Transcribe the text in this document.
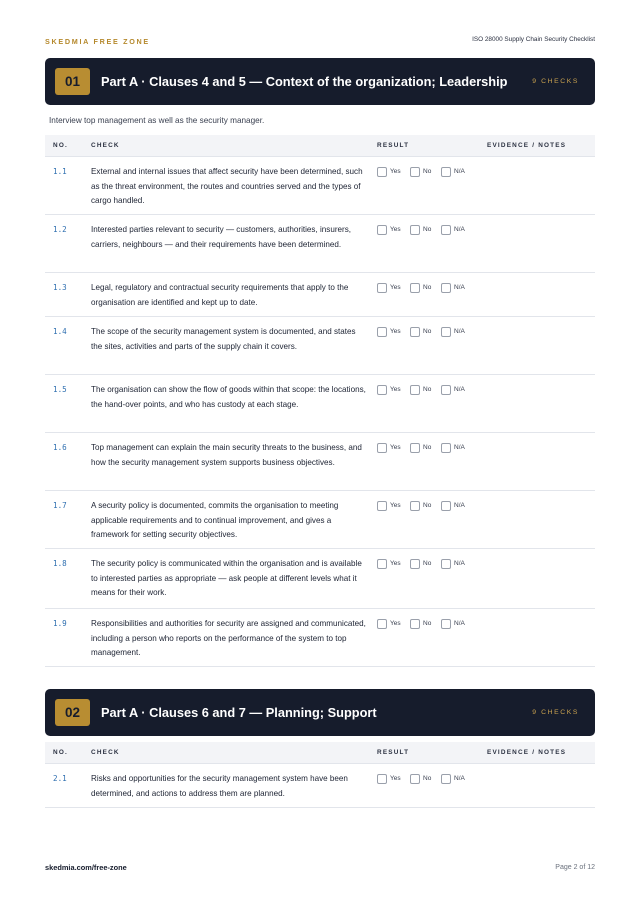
SKEDMIA FREE ZONE	ISO 28000 Supply Chain Security Checklist
01	Part A · Clauses 4 and 5 — Context of the organization; Leadership	9 CHECKS
Interview top management as well as the security manager.
NO.	CHECK	RESULT	EVIDENCE / NOTES
1.1	External and internal issues that affect security have been determined, such as the threat environment, the routes and countries served and the types of cargo handled.
Yes	No	N/A
1.2	Interested parties relevant to security — customers, authorities, insurers, carriers, neighbours — and their requirements have been determined.
Yes	No	N/A
1.3	Legal, regulatory and contractual security requirements that apply to the organisation are identified and kept up to date.
Yes	No	N/A
1.4	The scope of the security management system is documented, and states the sites, activities and parts of the supply chain it covers.
Yes	No	N/A
1.5	The organisation can show the flow of goods within that scope: the locations, the hand-over points, and who has custody at each stage.
Yes	No	N/A
1.6	Top management can explain the main security threats to the business, and how the security management system supports business objectives.
Yes	No	N/A
1.7	A security policy is documented, commits the organisation to meeting applicable requirements and to continual improvement, and gives a framework for setting security objectives.
Yes	No	N/A
1.8	The security policy is communicated within the organisation and is available to interested parties as appropriate — ask people at different levels what it means for their work.
Yes	No	N/A
1.9	Responsibilities and authorities for security are assigned and communicated, including a person who reports on the performance of the system to top management.
Yes	No	N/A
02	Part A · Clauses 6 and 7 — Planning; Support	9 CHECKS
NO.	CHECK	RESULT	EVIDENCE / NOTES
2.1	Risks and opportunities for the security management system have been determined, and actions to address them are planned.
Yes	No	N/A
skedmia.com/free-zone	Page 2 of 12
